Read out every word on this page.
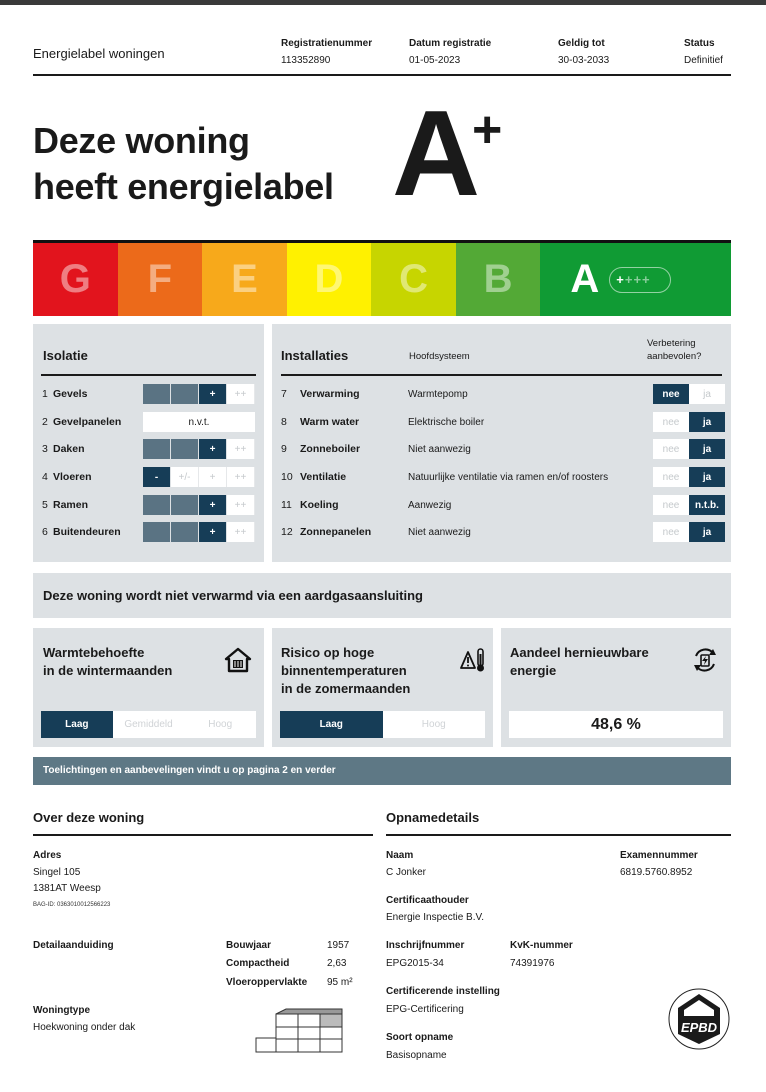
Energielabel woningen
Registratienummer
113352890
Datum registratie
01-05-2023
Geldig tot
30-03-2033
Status
Definitief
Deze woning
heeft energielabel A
+
G F E D C B A + +++
Isolatie
1 Gevels	+	++
2 Gevelpanelen	n.v.t.
3 Daken	+	++
4 Vloeren	-	+/-	+	++
5 Ramen	+	++
6 Buitendeuren	+	++
Installaties	Hoofdsysteem
Verbetering
aanbevolen?
7	Verwarming	Warmtepomp	nee	ja
8	Warm water	Elektrische boiler	nee	ja
9	Zonneboiler	Niet aanwezig	nee	ja
10 Ventilatie	Natuurlijke ventilatie via ramen en/of roosters	nee	ja
11 Koeling	Aanwezig	nee	n.t.b.
12 Zonnepanelen	Niet aanwezig	nee	ja
Deze woning wordt niet verwarmd via een aardgasaansluiting
Warmtebehoefte
in de wintermaanden
Laag	Gemiddeld	Hoog
Risico op hoge
binnentemperaturen
in de zomermaanden
Laag	Hoog
Aandeel hernieuwbare
energie
48,6 %
Toelichtingen en aanbevelingen vindt u op pagina 2 en verder
Over deze woning
Adres
Singel 105
1381AT Weesp
BAG-ID: 0363010012566223
Detailaanduiding	Bouwjaar	1957
Compactheid	2,63
Vloeroppervlakte 95 m²
Woningtype
Hoekwoning onder dak
Opnamedetails
Naam
C Jonker
Examennummer
6819.5760.8952
Certificaathouder
Energie Inspectie B.V.
Inschrijfnummer
EPG2015-34
KvK-nummer
74391976
Certificerende instelling
EPG-Certificering
Soort opname
Basisopname
EPBD
